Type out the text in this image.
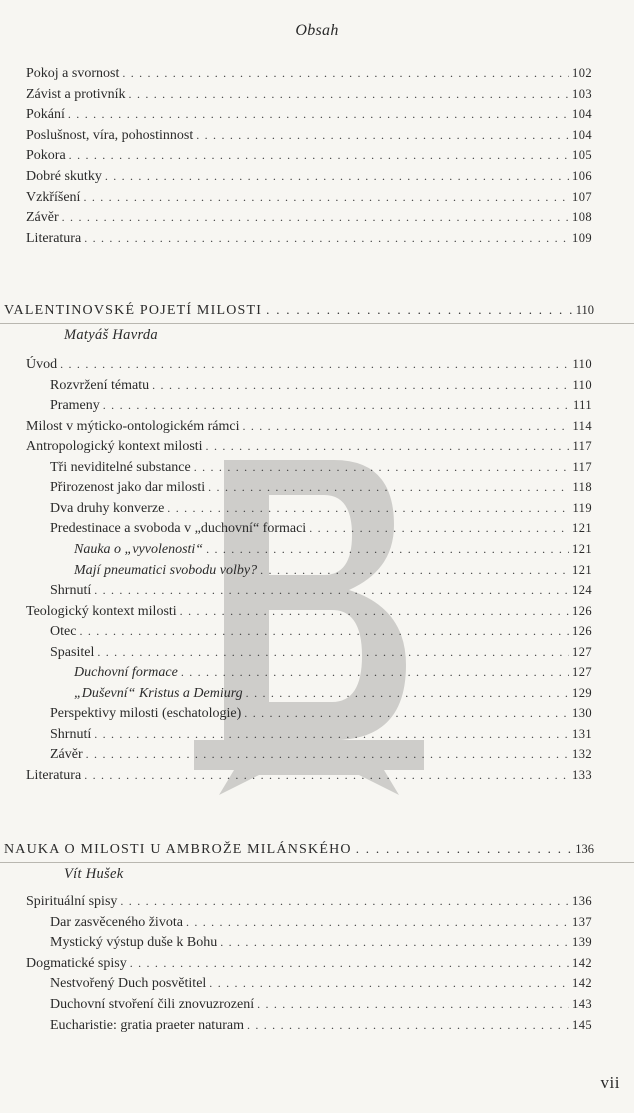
Obsah
Pokoj a svornost . . .	102
Závist a protivník . . .	103
Pokání . . .	104
Poslušnost, víra, pohostinnost . . .	104
Pokora . . .	105
Dobré skutky . . .	106
Vzkříšení . . .	107
Závěr . . .	108
Literatura . . .	109
VALENTINOVSKÉ POJETÍ MILOSTI . . .	110
Matyáš Havrda
Úvod . . .	110
Rozvržení tématu . . .	110
Prameny . . .	111
Milost v mýticko-ontologickém rámci . . .	114
Antropologický kontext milosti . . .	117
Tři neviditelné substance . . .	117
Přirozenost jako dar milosti . . .	118
Dva druhy konverze . . .	119
Predestinace a svoboda v „duchovní“ formaci . . .	121
Nauka o „vyvolenosti“ . . .	121
Mají pneumatici svobodu volby? . . .	121
Shrnutí . . .	124
Teologický kontext milosti . . .	126
Otec . . .	126
Spasitel . . .	127
Duchovní formace . . .	127
„Duševní“ Kristus a Demiurg . . .	129
Perspektivy milosti (eschatologie) . . .	130
Shrnutí . . .	131
Závěr . . .	132
Literatura . . .	133
NAUKA O MILOSTI U AMBROŽE MILÁNSKÉHO . . .	136
Vít Hušek
Spirituální spisy . . .	136
Dar zasvěceného života . . .	137
Mystický výstup duše k Bohu . . .	139
Dogmatické spisy . . .	142
Nestvořený Duch posvětitel . . .	142
Duchovní stvoření čili znovuzrození . . .	143
Eucharistie: gratia praeter naturam . . .	145
vii
